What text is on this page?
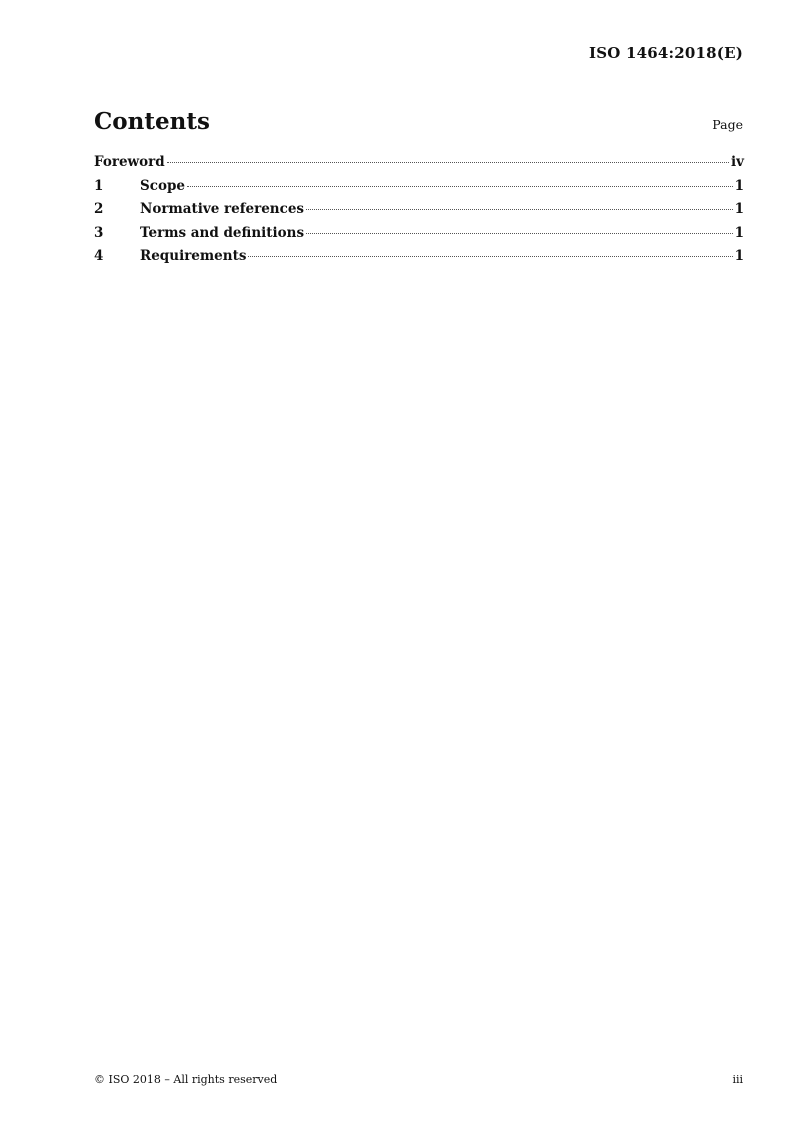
ISO 1464:2018(E)
Contents	Page
Foreword	iv
1	Scope	1
2	Normative references	1
3	Terms and definitions	1
4	Requirements	1
© ISO 2018 – All rights reserved	iii
